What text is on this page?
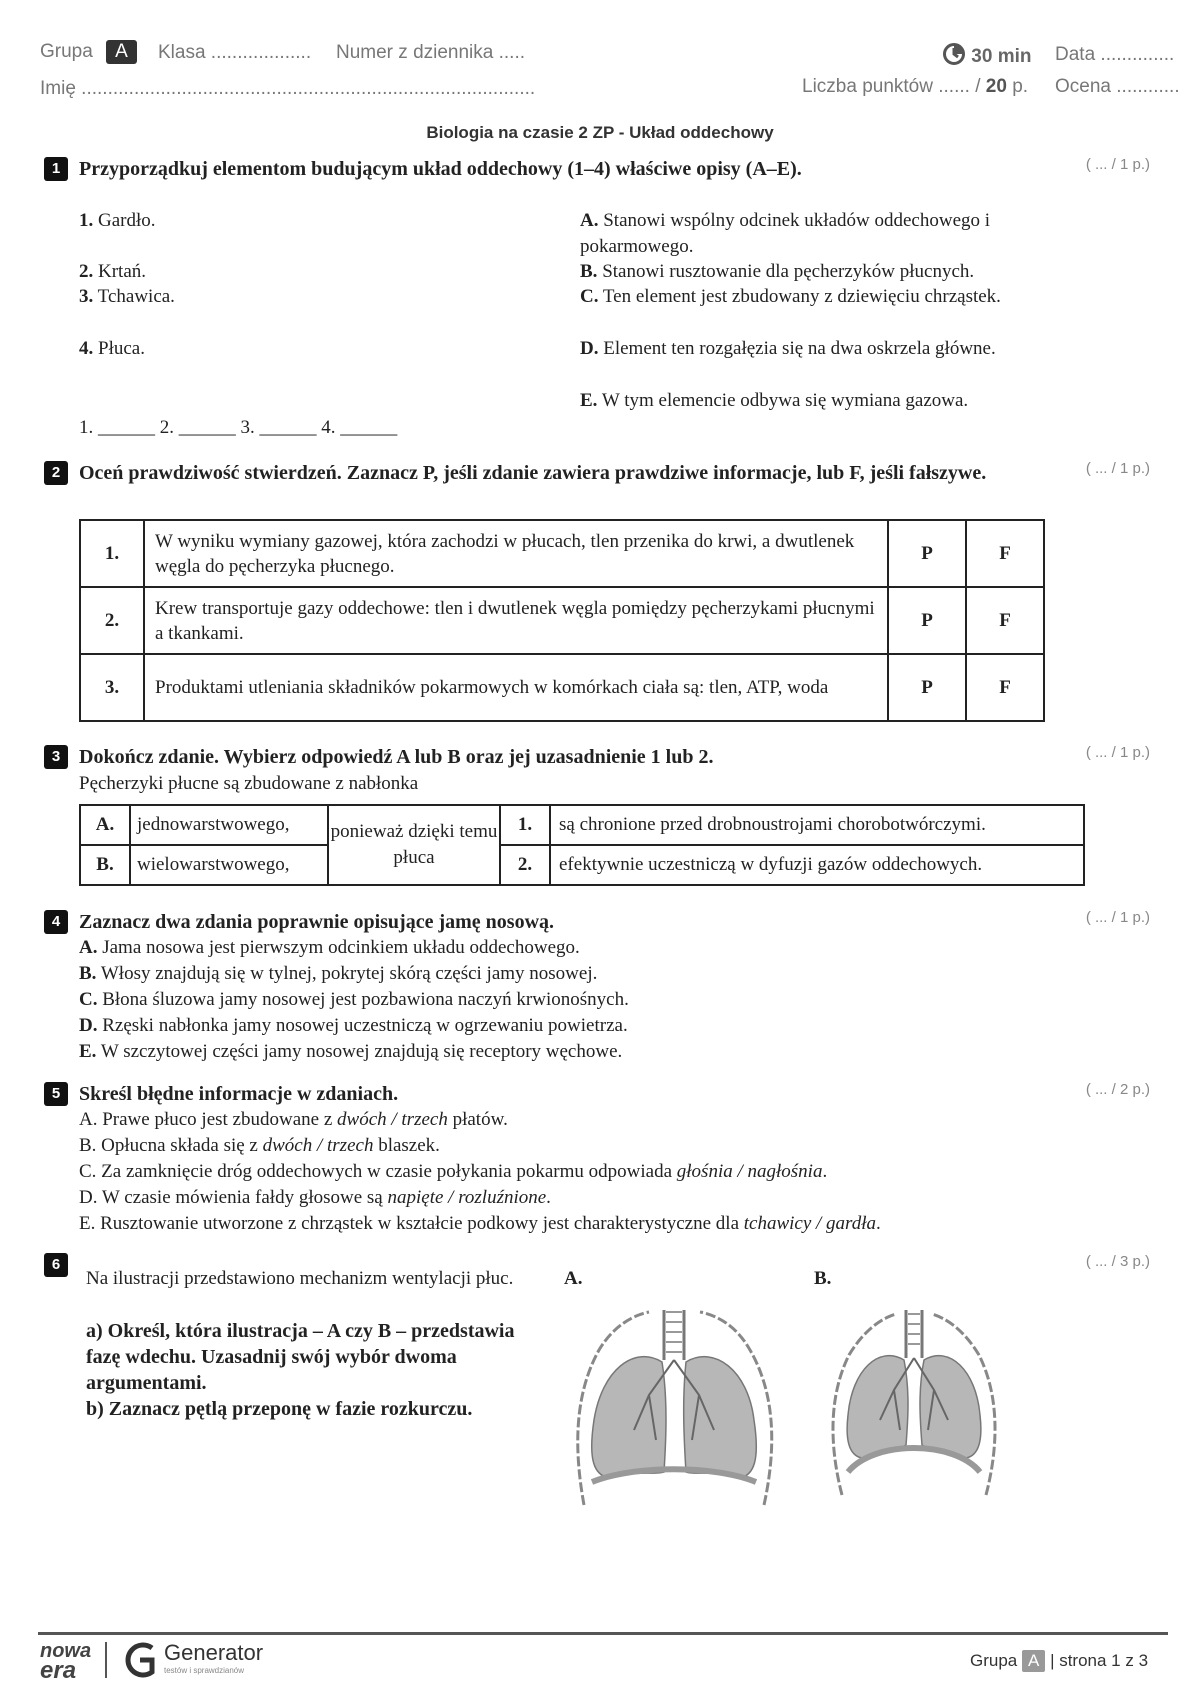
Grupa A	Klasa ................... Numer z dziennika .....
Imię ......................................................................................
30 min Data ..............
Liczba punktów ...... / 20 p. Ocena ............
Biologia na czasie 2 ZP - Układ oddechowy
1 Przyporządkuj elementom budującym układ oddechowy (1–4) właściwe opisy (A–E).	( ... / 1 p.)
1. Gardło.
2. Krtań.
3. Tchawica.
4. Płuca.
A. Stanowi wspólny odcinek układów oddechowego i pokarmowego.
B. Stanowi rusztowanie dla pęcherzyków płucnych.
C. Ten element jest zbudowany z dziewięciu chrząstek.
D. Element ten rozgałęzia się na dwa oskrzela główne.
E. W tym elemencie odbywa się wymiana gazowa.
1. ______ 2. ______ 3. ______ 4. ______
2 Oceń prawdziwość stwierdzeń. Zaznacz P, jeśli zdanie zawiera prawdziwe informacje, lub F, jeśli fałszywe.	( ... / 1 p.)
1.	W wyniku wymiany gazowej, która zachodzi w płucach, tlen przenika do krwi, a dwutlenek węgla do pęcherzyka płucnego.	P	F
2.	Krew transportuje gazy oddechowe: tlen i dwutlenek węgla pomiędzy pęcherzykami płucnymi a tkankami.	P	F
3.	Produktami utleniania składników pokarmowych w komórkach ciała są: tlen, ATP, woda	P	F
3 Dokończ zdanie. Wybierz odpowiedź A lub B oraz jej uzasadnienie 1 lub 2.	( ... / 1 p.)
Pęcherzyki płucne są zbudowane z nabłonka
A.	jednowarstwowego,	ponieważ dzięki temu płuca	1.	są chronione przed drobnoustrojami chorobotwórczymi.
B.	wielowarstwowego,		2.	efektywnie uczestniczą w dyfuzji gazów oddechowych.
4 Zaznacz dwa zdania poprawnie opisujące jamę nosową.	( ... / 1 p.)
A. Jama nosowa jest pierwszym odcinkiem układu oddechowego.
B. Włosy znajdują się w tylnej, pokrytej skórą części jamy nosowej.
C. Błona śluzowa jamy nosowej jest pozbawiona naczyń krwionośnych.
D. Rzęski nabłonka jamy nosowej uczestniczą w ogrzewaniu powietrza.
E. W szczytowej części jamy nosowej znajdują się receptory węchowe.
5 Skreśl błędne informacje w zdaniach.	( ... / 2 p.)
A. Prawe płuco jest zbudowane z dwóch / trzech płatów.
B. Opłucna składa się z dwóch / trzech blaszek.
C. Za zamknięcie dróg oddechowych w czasie połykania pokarmu odpowiada głośnia / nagłośnia.
D. W czasie mówienia fałdy głosowe są napięte / rozluźnione.
E. Rusztowanie utworzone z chrząstek w kształcie podkowy jest charakterystyczne dla tchawicy / gardła.
6	( ... / 3 p.)
Na ilustracji przedstawiono mechanizm wentylacji płuc.
a) Określ, która ilustracja – A czy B – przedstawia fazę wdechu. Uzasadnij swój wybór dwoma argumentami.
b) Zaznacz pętlą przeponę w fazie rozkurczu.
A.	B.
nowa
era
Generator
testów i sprawdzianów
Grupa A | strona 1 z 3
